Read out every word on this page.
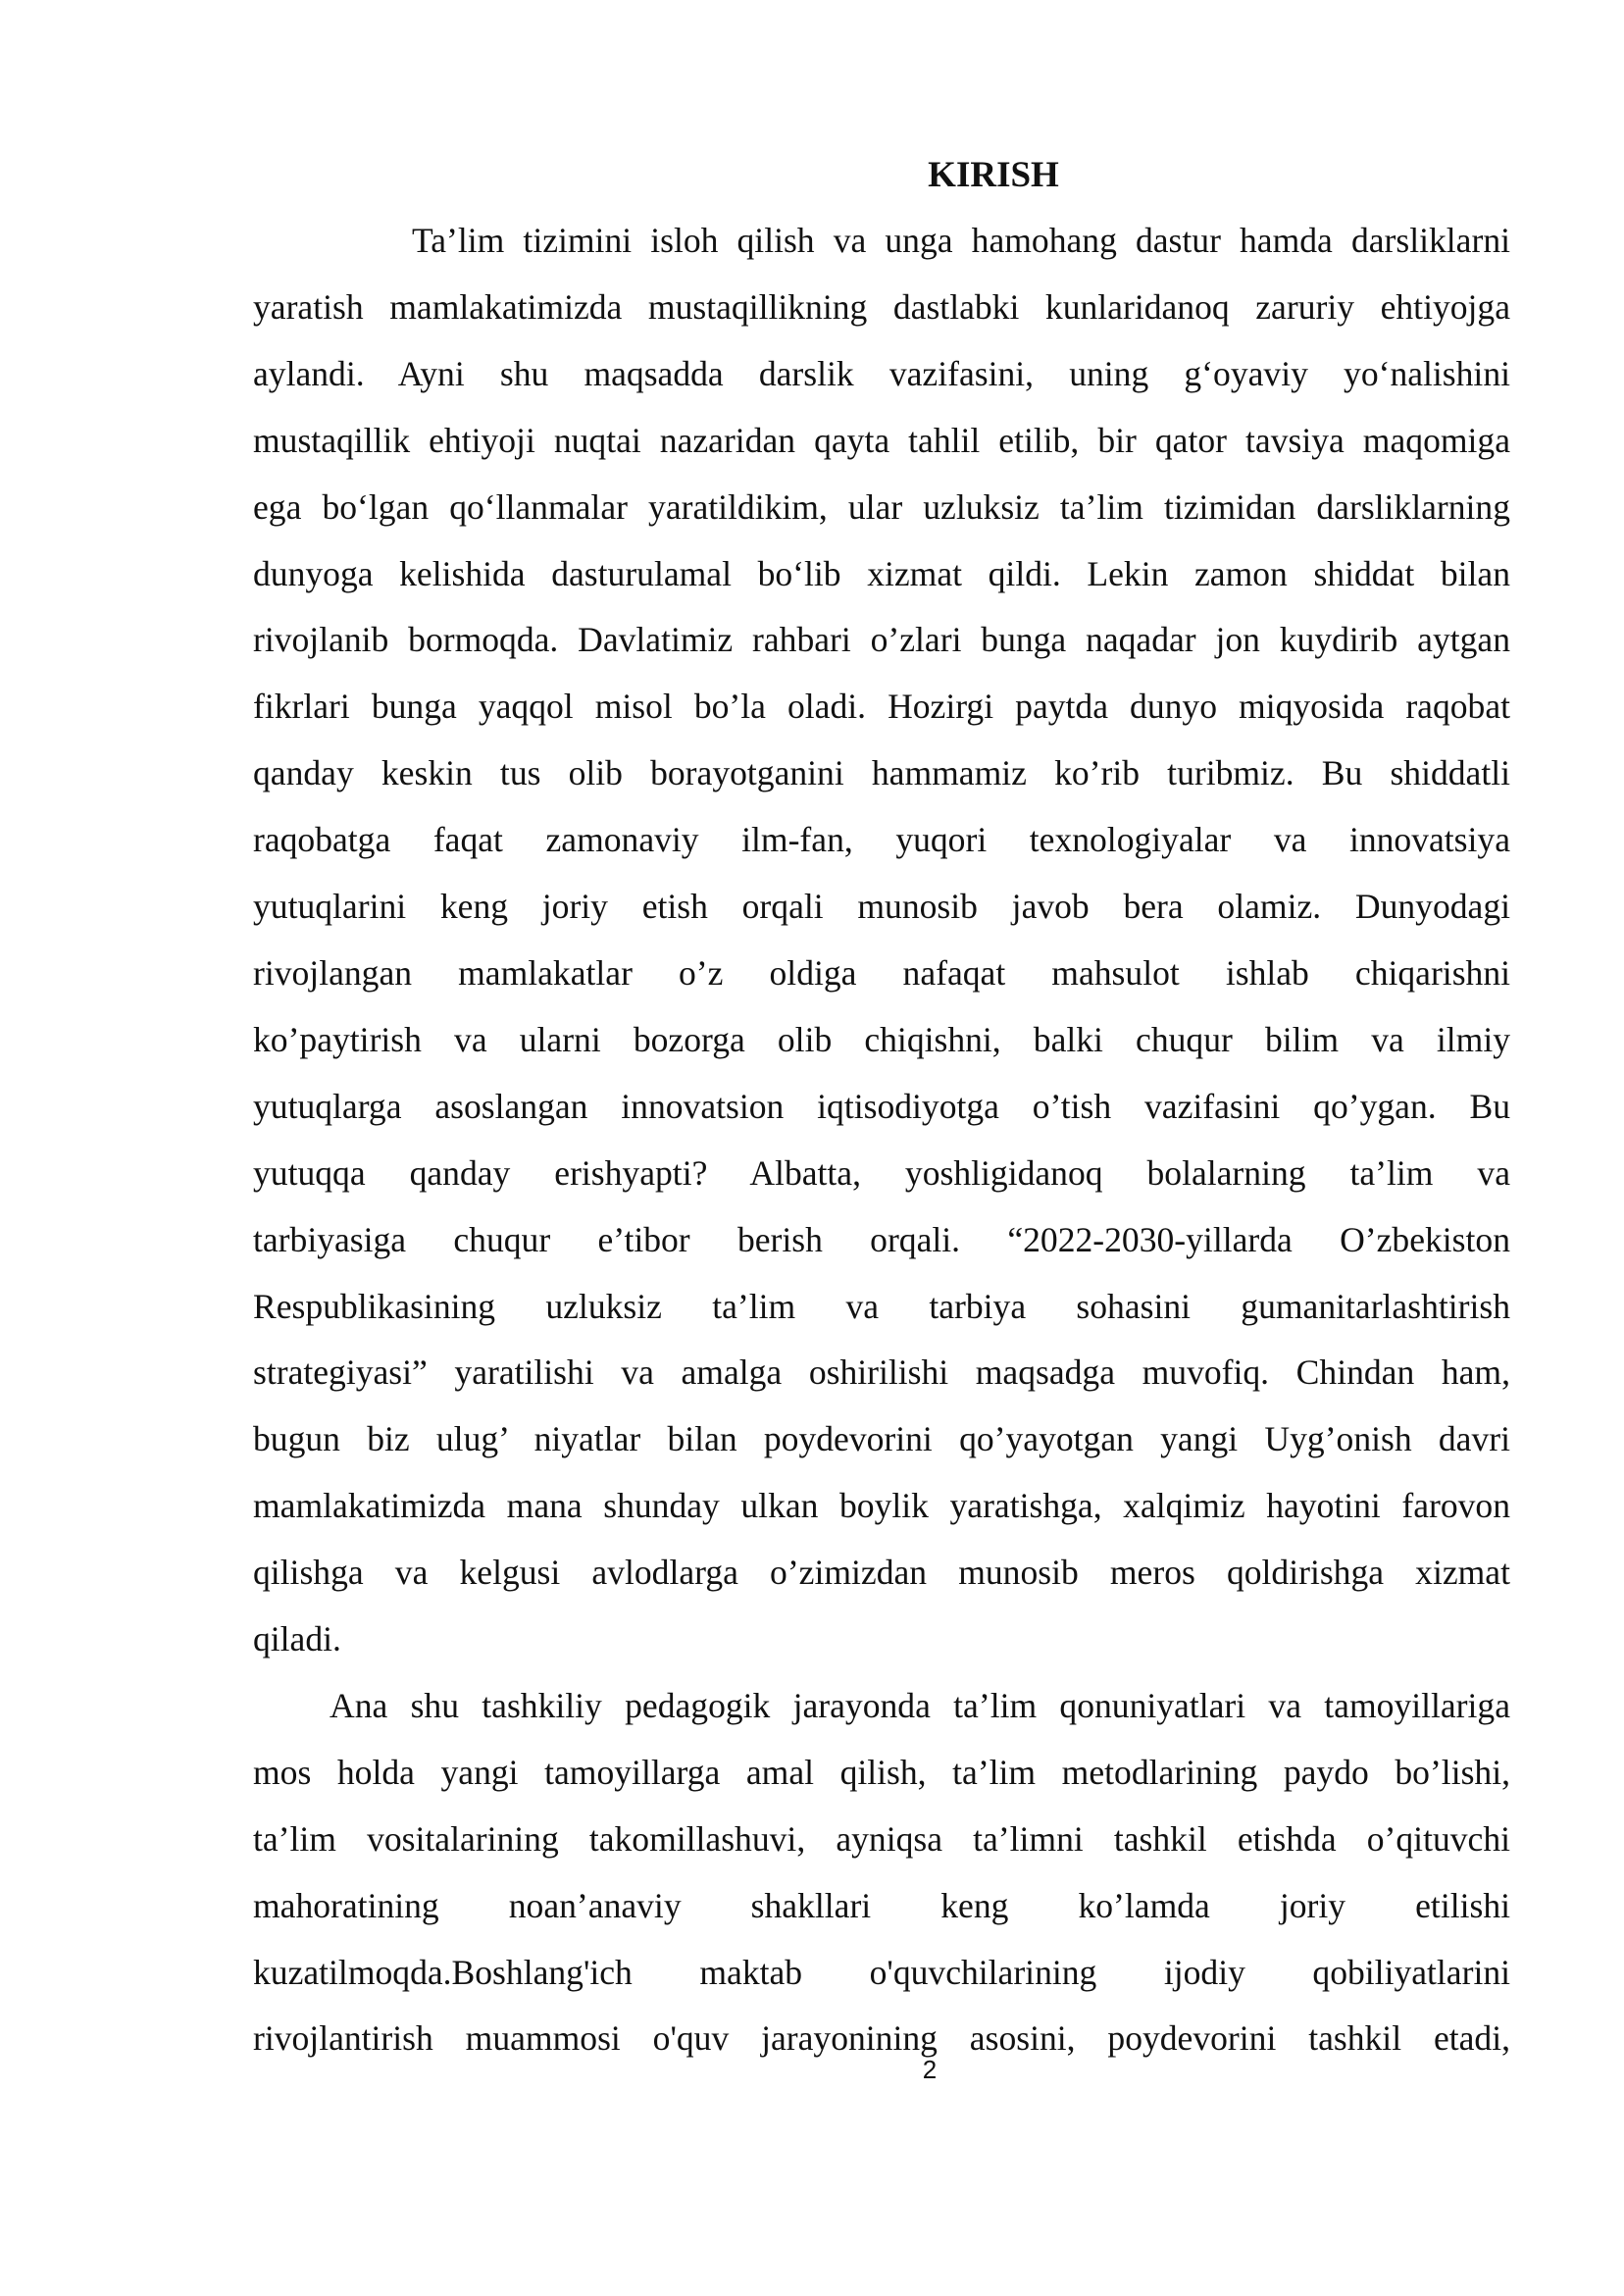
KIRISH
Ta’lim tizimini isloh qilish va unga hamohang dastur hamda darsliklarni
yaratish mamlakatimizda mustaqillikning dastlabki kunlaridanoq zaruriy ehtiyojga
aylandi. Ayni shu maqsadda darslik vazifasini, uning g‘oyaviy yo‘nalishini
mustaqillik ehtiyoji nuqtai nazaridan qayta tahlil etilib, bir qator tavsiya maqomiga
ega bo‘lgan qo‘llanmalar yaratildikim, ular uzluksiz ta’lim tizimidan darsliklarning
dunyoga kelishida dasturulamal bo‘lib xizmat qildi. Lekin zamon shiddat bilan
rivojlanib bormoqda. Davlatimiz rahbari o’zlari bunga naqadar jon kuydirib aytgan
fikrlari bunga yaqqol misol bo’la oladi. Hozirgi paytda dunyo miqyosida raqobat
qanday keskin tus olib borayotganini hammamiz ko’rib turibmiz. Bu shiddatli
raqobatga faqat zamonaviy ilm-fan, yuqori texnologiyalar va innovatsiya
yutuqlarini keng joriy etish orqali munosib javob bera olamiz. Dunyodagi
rivojlangan mamlakatlar o’z oldiga nafaqat mahsulot ishlab chiqarishni
ko’paytirish va ularni bozorga olib chiqishni, balki chuqur bilim va ilmiy
yutuqlarga asoslangan innovatsion iqtisodiyotga o’tish vazifasini qo’ygan. Bu
yutuqqa qanday erishyapti? Albatta, yoshligidanoq bolalarning ta’lim va
tarbiyasiga chuqur e’tibor berish orqali. “2022-2030-yillarda O’zbekiston
Respublikasining uzluksiz ta’lim va tarbiya sohasini gumanitarlashtirish
strategiyasi” yaratilishi va amalga oshirilishi maqsadga muvofiq. Chindan ham,
bugun biz ulug’ niyatlar bilan poydevorini qo’yayotgan yangi Uyg’onish davri
mamlakatimizda mana shunday ulkan boylik yaratishga, xalqimiz hayotini farovon
qilishga va kelgusi avlodlarga o’zimizdan munosib meros qoldirishga xizmat
qiladi.
Ana shu tashkiliy pedagogik jarayonda ta’lim qonuniyatlari va tamoyillariga
mos holda yangi tamoyillarga amal qilish, ta’lim metodlarining paydo bo’lishi,
ta’lim vositalarining takomillashuvi, ayniqsa ta’limni tashkil etishda o’qituvchi
mahoratining noan’anaviy shakllari keng ko’lamda joriy etilishi
kuzatilmoqda.Boshlang'ich maktab o'quvchilarining ijodiy qobiliyatlarini
rivojlantirish muammosi o'quv jarayonining asosini, poydevorini tashkil etadi,
2
